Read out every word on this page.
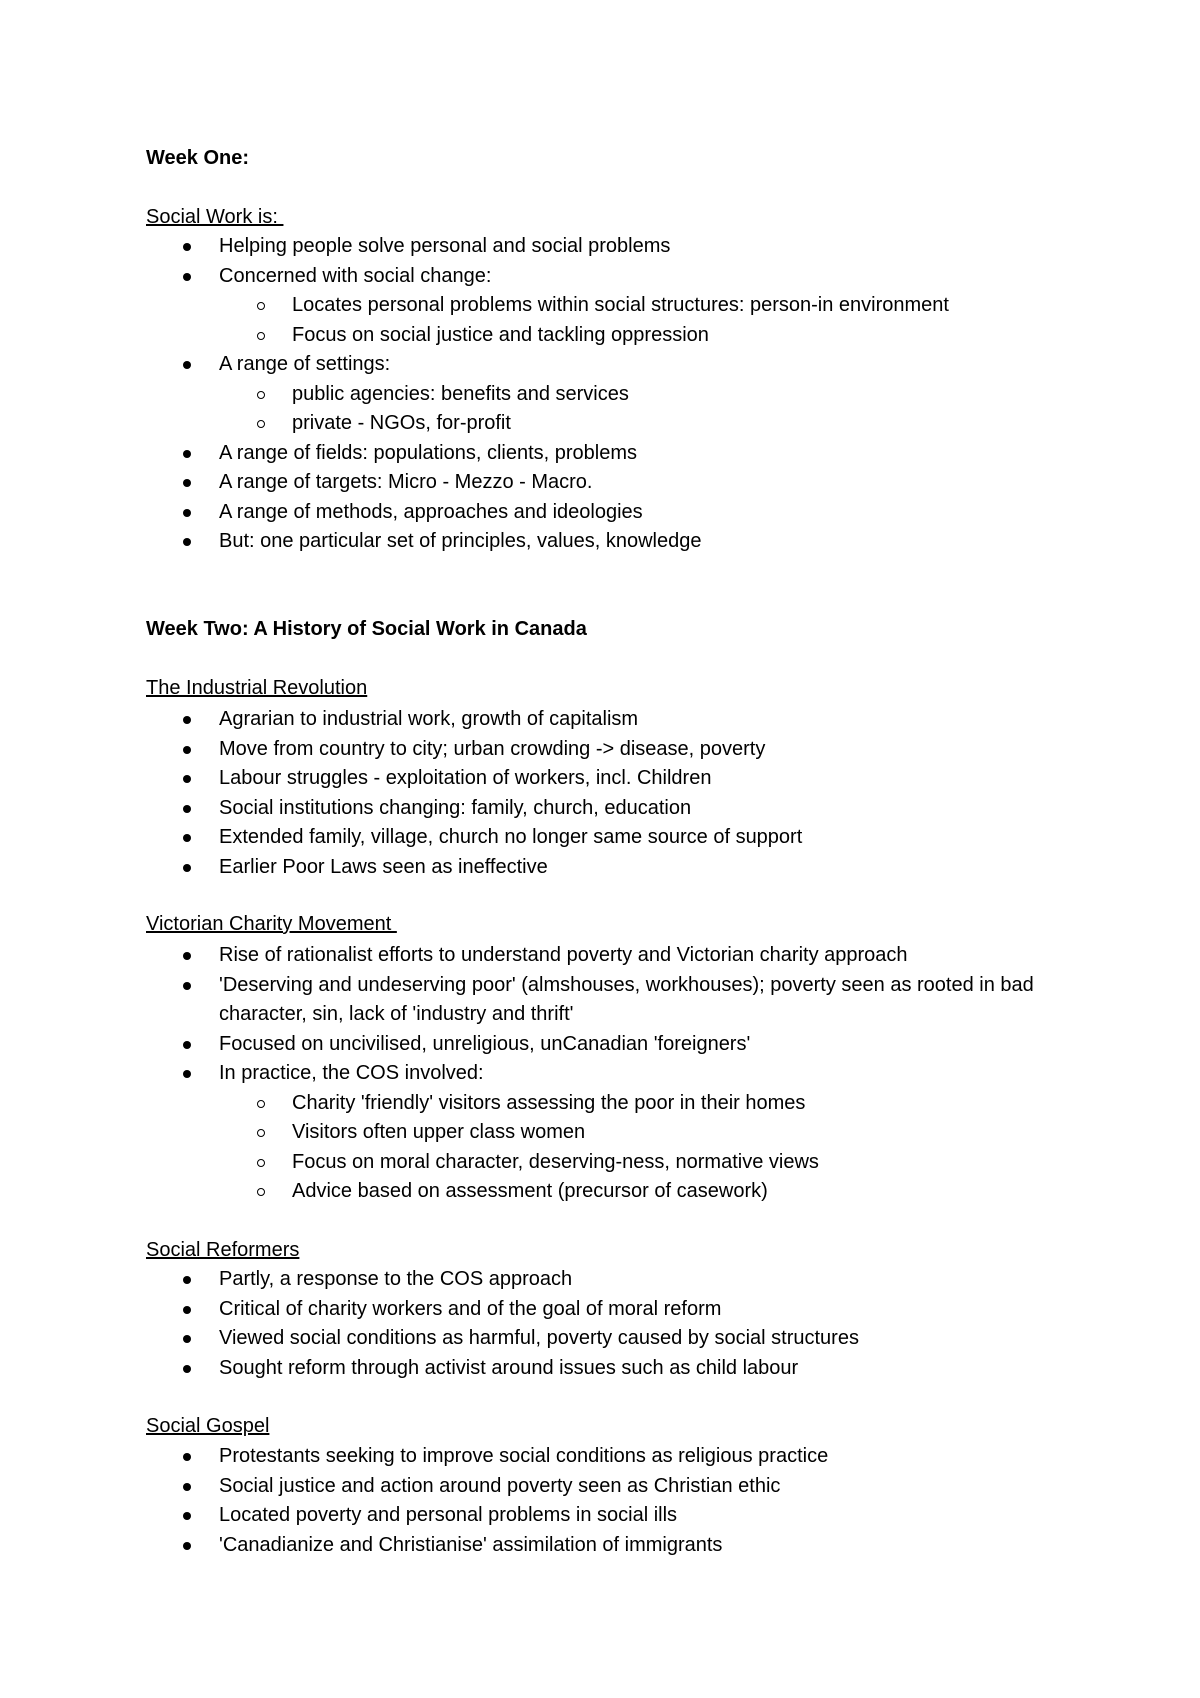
Week One:
Social Work is:
Helping people solve personal and social problems
Concerned with social change:
Locates personal problems within social structures: person-in environment
Focus on social justice and tackling oppression
A range of settings:
public agencies: benefits and services
private - NGOs, for-profit
A range of fields: populations, clients, problems
A range of targets: Micro - Mezzo - Macro.
A range of methods, approaches and ideologies
But: one particular set of principles, values, knowledge
Week Two: A History of Social Work in Canada
The Industrial Revolution
Agrarian to industrial work, growth of capitalism
Move from country to city; urban crowding -> disease, poverty
Labour struggles - exploitation of workers, incl. Children
Social institutions changing: family, church, education
Extended family, village, church no longer same source of support
Earlier Poor Laws seen as ineffective
Victorian Charity Movement
Rise of rationalist efforts to understand poverty and Victorian charity approach
'Deserving and undeserving poor' (almshouses, workhouses); poverty seen as rooted in bad character, sin, lack of 'industry and thrift'
Focused on uncivilised, unreligious, unCanadian 'foreigners'
In practice, the COS involved:
Charity 'friendly' visitors assessing the poor in their homes
Visitors often upper class women
Focus on moral character, deserving-ness, normative views
Advice based on assessment (precursor of casework)
Social Reformers
Partly, a response to the COS approach
Critical of charity workers and of the goal of moral reform
Viewed social conditions as harmful, poverty caused by social structures
Sought reform through activist around issues such as child labour
Social Gospel
Protestants seeking to improve social conditions as religious practice
Social justice and action around poverty seen as Christian ethic
Located poverty and personal problems in social ills
'Canadianize and Christianise' assimilation of immigrants
